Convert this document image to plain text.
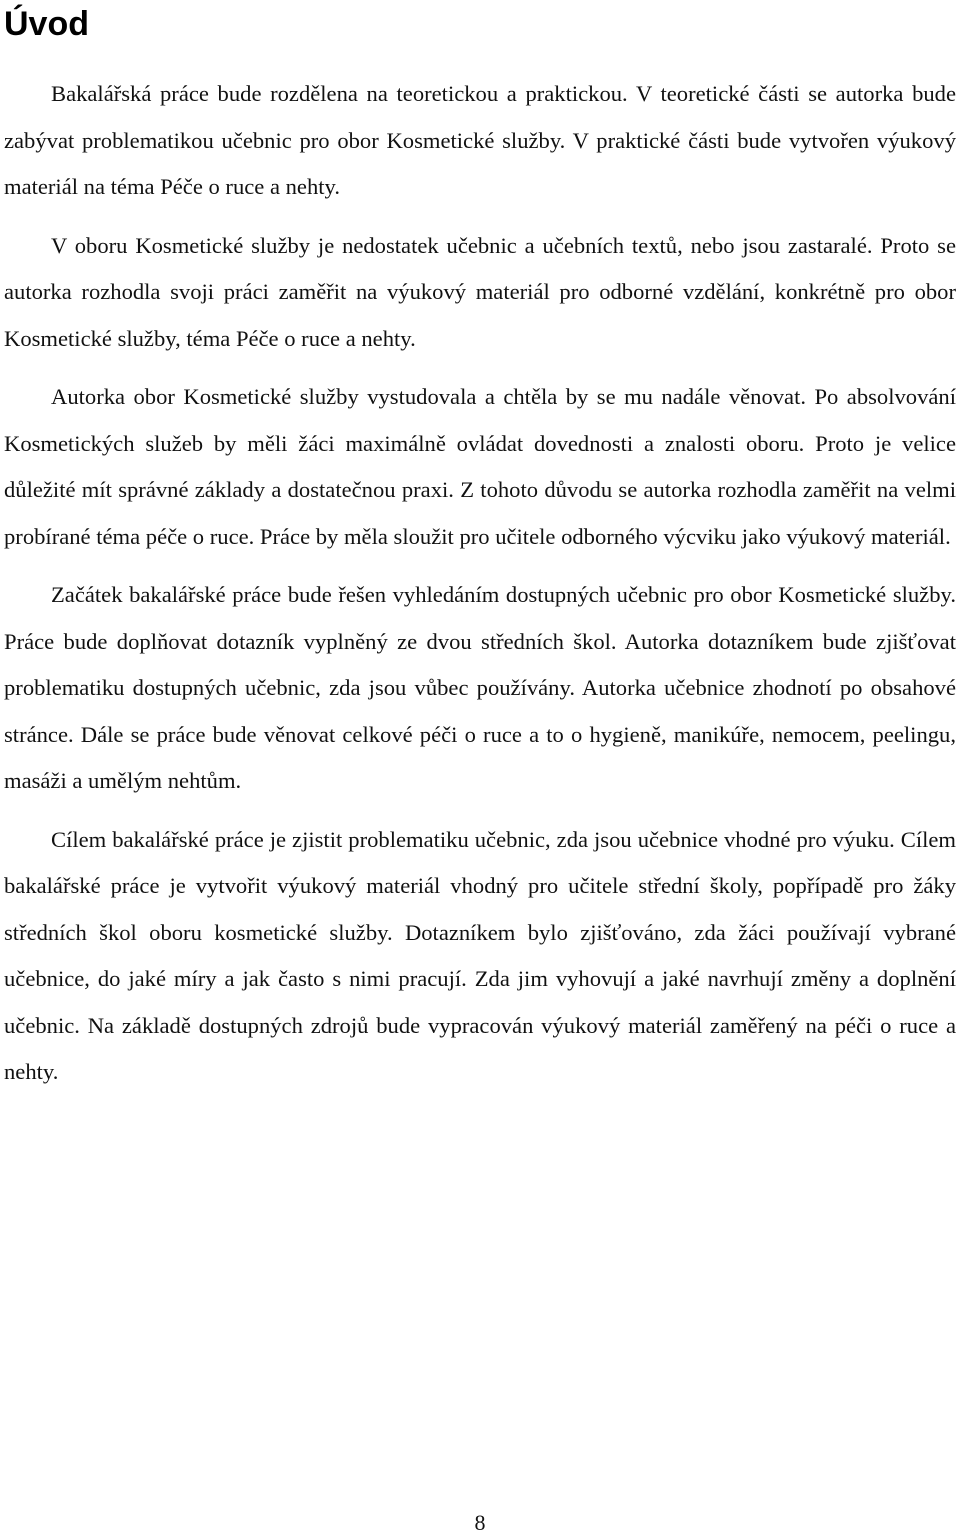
Úvod

Bakalářská práce bude rozdělena na teoretickou a praktickou. V teoretické části se autorka bude zabývat problematikou učebnic pro obor Kosmetické služby. V praktické části bude vytvořen výukový materiál na téma Péče o ruce a nehty.

V oboru Kosmetické služby je nedostatek učebnic a učebních textů, nebo jsou zastaralé. Proto se autorka rozhodla svoji práci zaměřit na výukový materiál pro odborné vzdělání, konkrétně pro obor Kosmetické služby, téma Péče o ruce a nehty.

Autorka obor Kosmetické služby vystudovala a chtěla by se mu nadále věnovat. Po absolvování Kosmetických služeb by měli žáci maximálně ovládat dovednosti a znalosti oboru. Proto je velice důležité mít správné základy a dostatečnou praxi. Z tohoto důvodu se autorka rozhodla zaměřit na velmi probírané téma péče o ruce. Práce by měla sloužit pro učitele odborného výcviku jako výukový materiál.

Začátek bakalářské práce bude řešen vyhledáním dostupných učebnic pro obor Kosmetické služby. Práce bude doplňovat dotazník vyplněný ze dvou středních škol. Autorka dotazníkem bude zjišťovat problematiku dostupných učebnic, zda jsou vůbec používány. Autorka učebnice zhodnotí po obsahové stránce. Dále se práce bude věnovat celkové péči o ruce a to o hygieně, manikúře, nemocem, peelingu, masáži a umělým nehtům.

Cílem bakalářské práce je zjistit problematiku učebnic, zda jsou učebnice vhodné pro výuku. Cílem bakalářské práce je vytvořit výukový materiál vhodný pro učitele střední školy, popřípadě pro žáky středních škol oboru kosmetické služby. Dotazníkem bylo zjišťováno, zda žáci používají vybrané učebnice, do jaké míry a jak často s nimi pracují. Zda jim vyhovují a jaké navrhují změny a doplnění učebnic. Na základě dostupných zdrojů bude vypracován výukový materiál zaměřený na péči o ruce a nehty.

8
